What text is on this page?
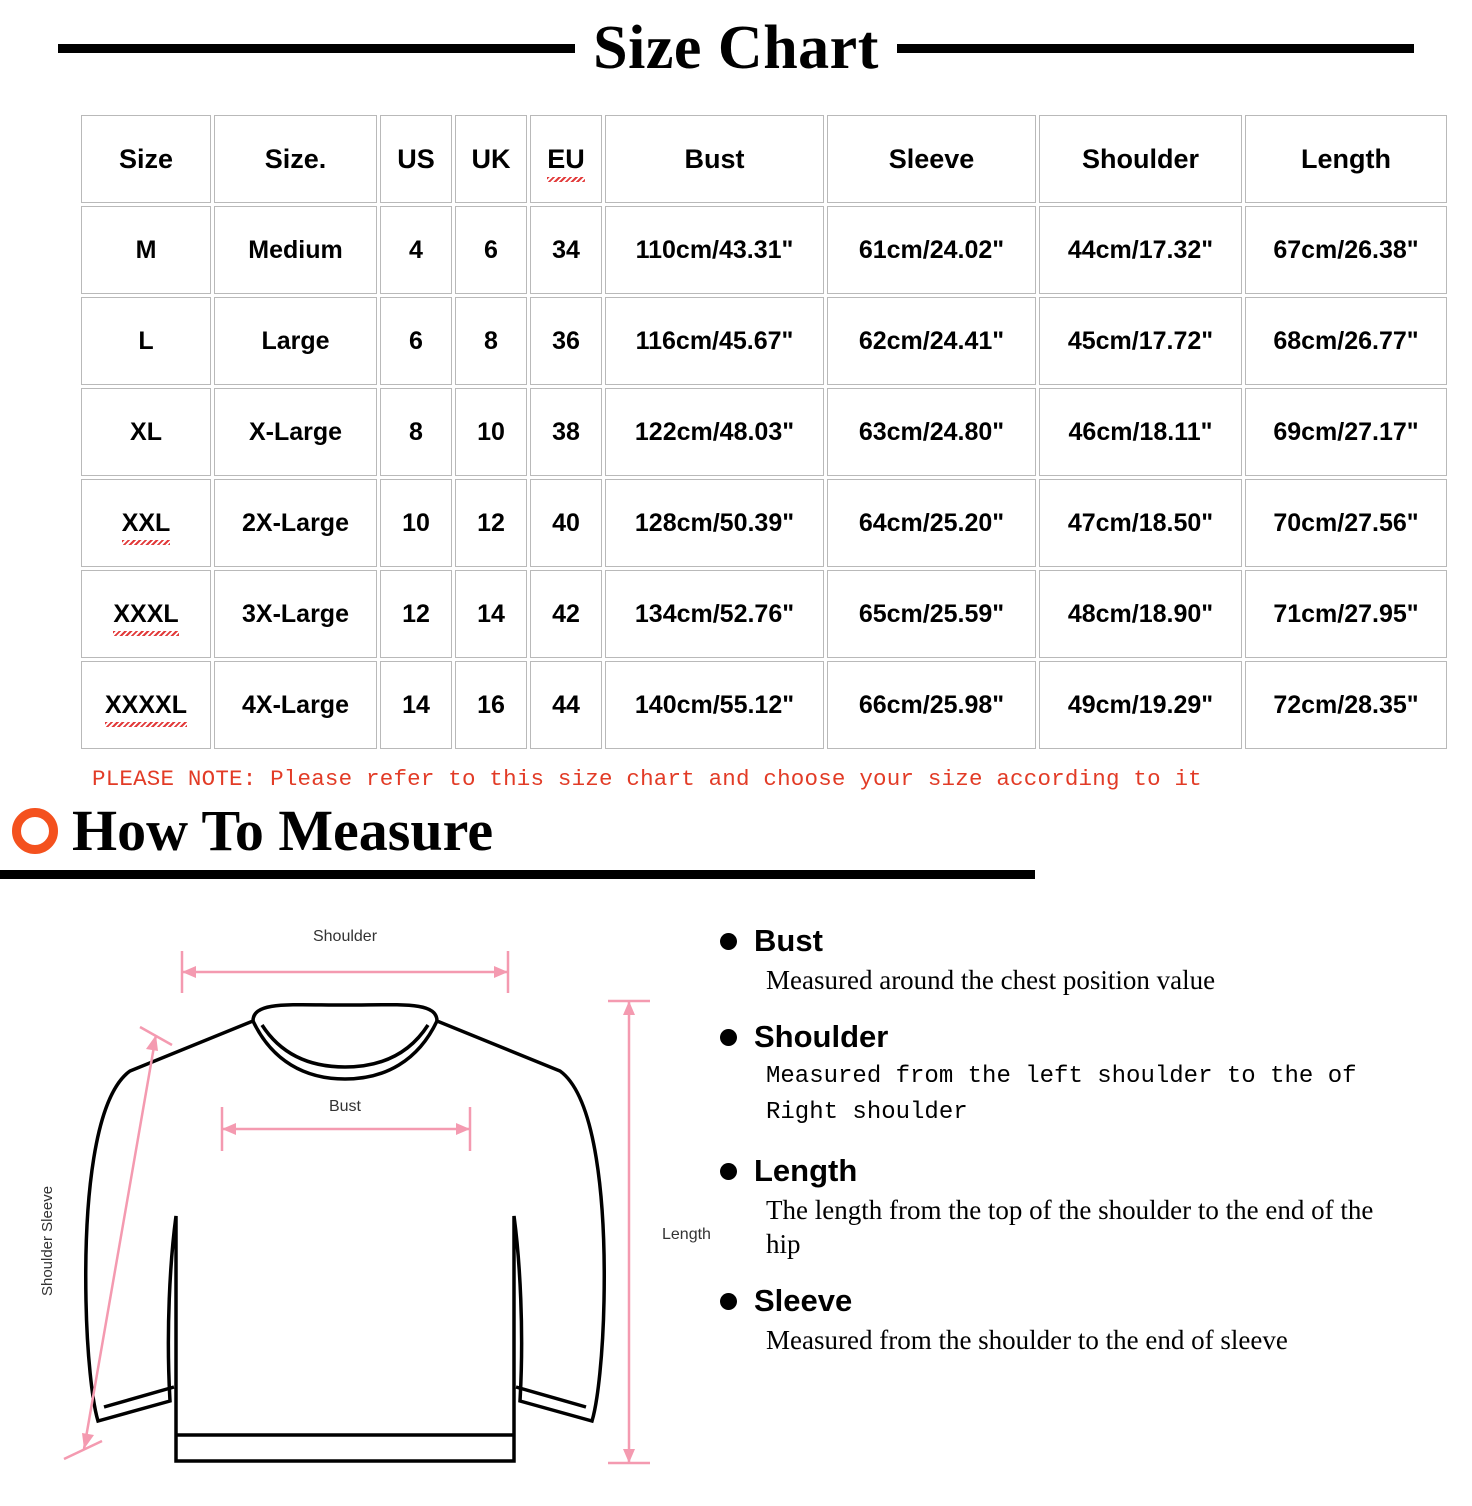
Size Chart
Size	Size.	US	UK	EU	Bust	Sleeve	Shoulder	Length
M	Medium	4	6	34	110cm/43.31"	61cm/24.02"	44cm/17.32"	67cm/26.38"
L	Large	6	8	36	116cm/45.67"	62cm/24.41"	45cm/17.72"	68cm/26.77"
XL	X-Large	8	10	38	122cm/48.03"	63cm/24.80"	46cm/18.11"	69cm/27.17"
XXL	2X-Large	10	12	40	128cm/50.39"	64cm/25.20"	47cm/18.50"	70cm/27.56"
XXXL	3X-Large	12	14	42	134cm/52.76"	65cm/25.59"	48cm/18.90"	71cm/27.95"
XXXXL	4X-Large	14	16	44	140cm/55.12"	66cm/25.98"	49cm/19.29"	72cm/28.35"
PLEASE NOTE: Please refer to this size chart and choose your size according to it
How To Measure
Shoulder
Bust
Length
Shoulder Sleeve
Bust
Measured around the chest position value
Shoulder
Measured from the left shoulder to the of Right shoulder
Length
The length from the top of the shoulder to the end of the hip
Sleeve
Measured from the shoulder to the end of sleeve
